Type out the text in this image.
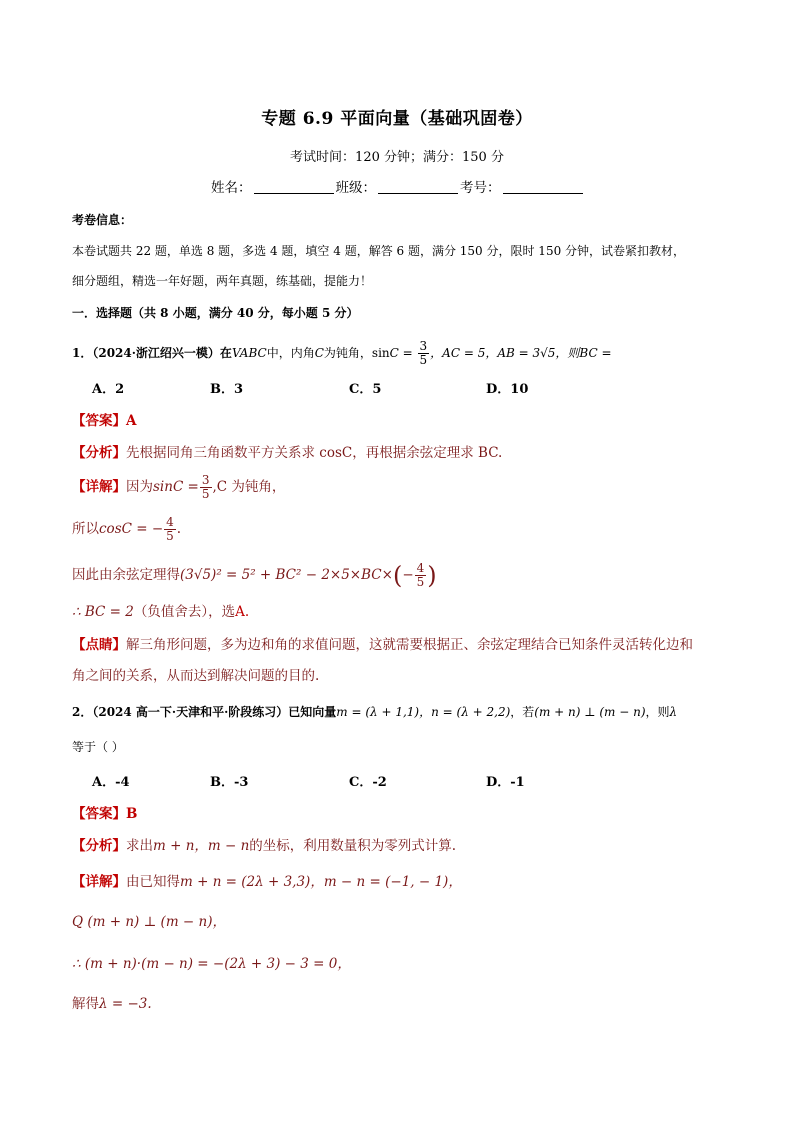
专题 6.9 平面向量（基础巩固卷）
考试时间：120 分钟；满分：150 分
姓名：	班级：	考号：
考卷信息：
本卷试题共 22 题，单选 8 题，多选 4 题，填空 4 题，解答 6 题，满分 150 分，限时 150 分钟，试卷紧扣教材，
细分题组，精选一年好题，两年真题，练基础，提能力！
一．选择题（共 8 小题，满分 40 分，每小题 5 分）
1．（2024·浙江绍兴一模）在VABC中，内角C为钝角，$\sin C = \frac{3}{5}$ ，AC = 5，AB = 3√5，则BC =
A．2	B．3	C．5	D．10
【答案】A
【分析】先根据同角三角函数平方关系求 cosC，再根据余弦定理求 BC.
【详解】因为$\sin C = \frac{3}{5} ,C$ 为钝角，
所以cosC = − $\frac{4}{5}$ .
因此由余弦定理得$(3√5)^2 = 5^2 + BC^2 - 2\times 5\times BC\times(- \frac{4}{5}$ )
∴ BC = 2（负值舍去），选A.
【点睛】解三角形问题，多为边和角的求值问题，这就需要根据正、余弦定理结合已知条件灵活转化边和
角之间的关系，从而达到解决问题的目的.
2．（2024 高一下·天津和平·阶段练习）已知向量m = (λ + 1,1)，n = (λ + 2,2)，若(m + n) ⊥ (m − n)，则λ
等于（ ）
A．-4	B．-3	C．-2	D．-1
【答案】B
【分析】求出m + n，m − n的坐标，利用数量积为零列式计算.
【详解】由已知得m + n = (2λ + 3,3)，m − n = (−1, − 1)，
Q (m + n) ⊥ (m − n)，
∴ (m + n)·(m − n) = −(2λ + 3) − 3 = 0，
解得λ = −3.
